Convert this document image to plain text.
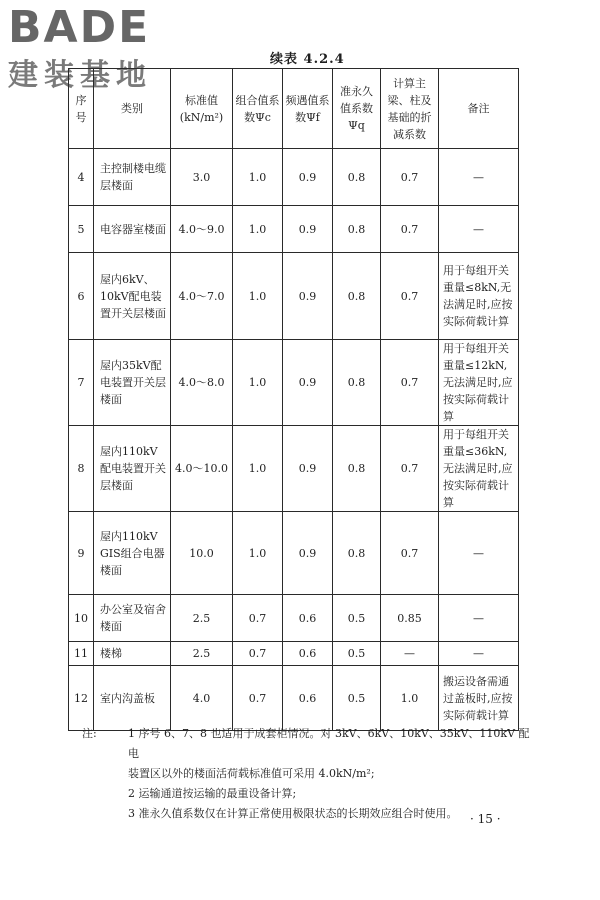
BADE
建装基地	续表 4.2.4
序号	类别	标准值(kN/m²)	组合值系数Ψc	频遇值系数Ψf	准永久值系数Ψq	计算主梁、柱及基础的折减系数	备注
4	主控制楼电缆层楼面	3.0	1.0	0.9	0.8	0.7	—
5	电容器室楼面	4.0～9.0	1.0	0.9	0.8	0.7	—
6	屋内6kV、10kV配电装置开关层楼面	4.0～7.0	1.0	0.9	0.8	0.7	用于每组开关重量≤8kN,无法满足时,应按实际荷载计算
7	屋内35kV配电装置开关层楼面	4.0～8.0	1.0	0.9	0.8	0.7	用于每组开关重量≤12kN,无法满足时,应按实际荷载计算
8	屋内110kV配电装置开关层楼面	4.0～10.0	1.0	0.9	0.8	0.7	用于每组开关重量≤36kN,无法满足时,应按实际荷载计算
9	屋内110kV GIS组合电器楼面	10.0	1.0	0.9	0.8	0.7	—
10	办公室及宿舍楼面	2.5	0.7	0.6	0.5	0.85	—
11	楼梯	2.5	0.7	0.6	0.5	—	—
12	室内沟盖板	4.0	0.7	0.6	0.5	1.0	搬运设备需通过盖板时,应按实际荷载计算
注:	1 序号 6、7、8 也适用于成套柜情况。对 3kV、6kV、10kV、35kV、110kV 配电
装置区以外的楼面活荷载标准值可采用 4.0kN/m²;
2 运输通道按运输的最重设备计算;
3 准永久值系数仅在计算正常使用极限状态的长期效应组合时使用。	· 15 ·
